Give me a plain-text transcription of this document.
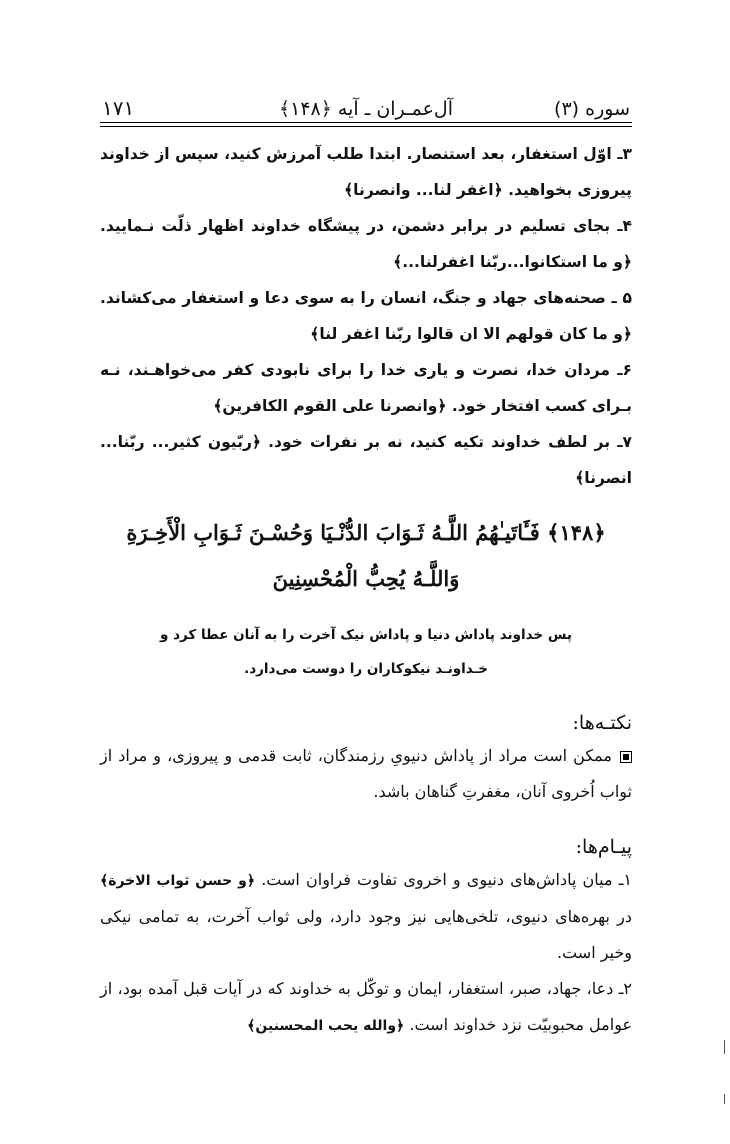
سوره (۳)
آل‌عمـران ـ آیه ﴿۱۴۸﴾
۱۷۱

۳ـ اوّل استغفار، بعد استنصار. ابتدا طلب آمرزش کنید، سپس از خداوند پیروزی بخواهید. ﴿اغفر لنا... وانصرنا﴾

۴ـ بجای تسلیم در برابر دشمن، در پیشگاه خداوند اظهار ذلّت نـمایید. ﴿و ما استکانوا...ربّنا اغفرلنا...﴾

۵ ـ صحنه‌های جهاد و جنگ، انسان را به سوی دعا و استغفار می‌کشاند. ﴿و ما کان قولهم الا ان قالوا ربّنا اغفر لنا﴾

۶ـ مردان خدا، نصرت و یاری خدا را برای نابودی کفر می‌خواهـند، نـه بـرای کسب افتخار خود. ﴿وانصرنا علی القوم الکافرین﴾

۷ـ بر لطف خداوند تکیه کنید، نه بر نفرات خود. ﴿ربّیون کثیر... ربّنا... انصرنا﴾

﴿۱۴۸﴾ فَـَٔاتَیـٰهُمُ اللَّـهُ ثَـوَابَ الدُّنْـیَا وَحُسْـنَ ثَـوَابِ الْأَخِـرَةِ وَاللَّـهُ یُحِبُّ الْمُحْسِنِینَ
پس خداوند پاداش دنیا و پاداش نیک آخرت را به آنان عطا کرد و خـداونـد نیکوکاران را دوست می‌دارد.
نکتـه‌ها:

ممکن است مراد از پاداش دنیویِ رزمندگان، ثابت قدمی و پیروزی، و مراد از ثواب اُخروی آنان، مغفرتِ گناهان باشد.

پیـام‌ها:

۱ـ میان پاداش‌های دنیوی و اخروی تفاوت فراوان است. ﴿و حسن ثواب الاخرة﴾ در بهره‌های دنیوی، تلخی‌هایی نیز وجود دارد، ولی ثواب آخرت، به تمامی نیکی وخیر است.

۲ـ دعا، جهاد، صبر، استغفار، ایمان و توکّل به خداوند که در آیات قبل آمده بود، از عوامل محبوبیّت نزد خداوند است. ﴿والله یحب المحسنین﴾
